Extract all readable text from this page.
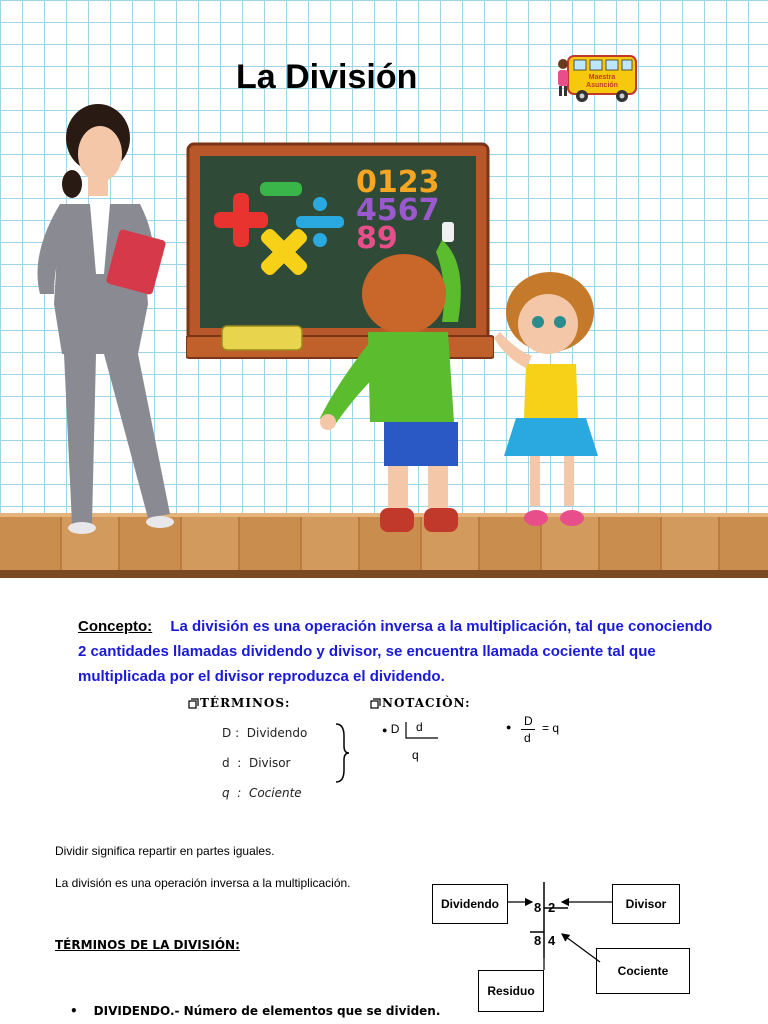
La División	Maestra
Asunción
0123
4567
89
Concepto: La división es una operación inversa a la multiplicación, tal que conociendo 2 cantidades llamadas dividendo y divisor, se encuentra llamada cociente tal que multiplicada por el divisor reproduzca el dividendo.
TÉRMINOS:
D : Dividendo
d : Divisor
q : Cociente
NOTACIÒN:
● D d
q
● D
d
= q
Dividir significa repartir en partes iguales.
La división es una operación inversa a la multiplicación.
TÉRMINOS DE LA DIVISIÓN:
• DIVIDENDO.- Número de elementos que se dividen.
Dividendo	Divisor
Cociente
Residuo
8 2
8 4
